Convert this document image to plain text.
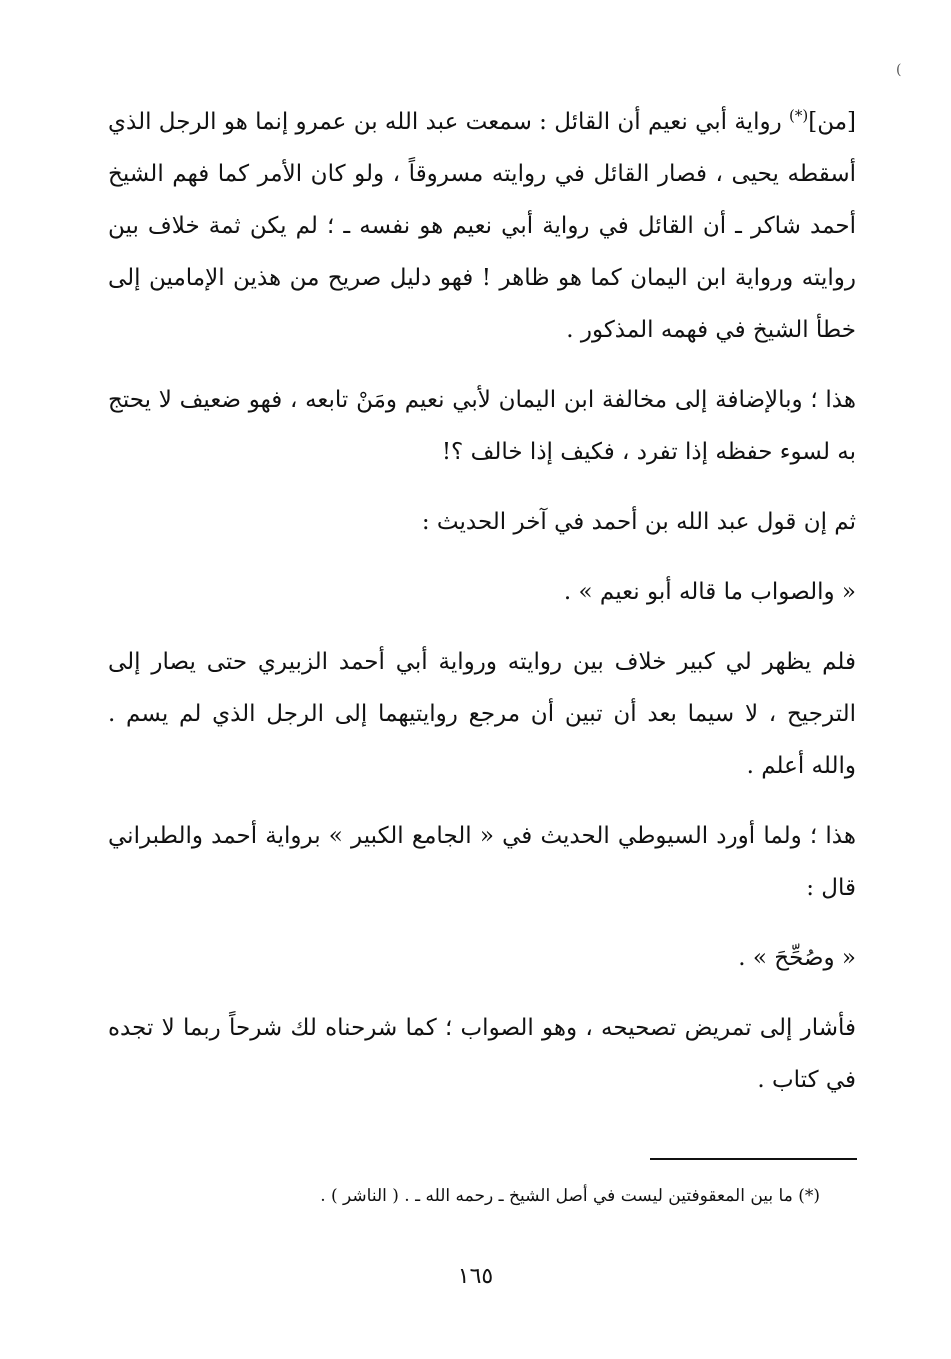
(

[من](*) رواية أبي نعيم أن القائل : سمعت عبد الله بن عمرو إنما هو الرجل الذي أسقطه يحيى ، فصار القائل في روايته مسروقاً ، ولو كان الأمر كما فهم الشيخ أحمد شاكر ـ أن القائل في رواية أبي نعيم هو نفسه ـ ؛ لم يكن ثمة خلاف بين روايته ورواية ابن اليمان كما هو ظاهر ! فهو دليل صريح من هذين الإمامين إلى خطأ الشيخ في فهمه المذكور .

هذا ؛ وبالإضافة إلى مخالفة ابن اليمان لأبي نعيم ومَنْ تابعه ، فهو ضعيف لا يحتج به لسوء حفظه إذا تفرد ، فكيف إذا خالف ؟!

ثم إن قول عبد الله بن أحمد في آخر الحديث :

« والصواب ما قاله أبو نعيم » .

فلم يظهر لي كبير خلاف بين روايته ورواية أبي أحمد الزبيري حتى يصار إلى الترجيح ، لا سيما بعد أن تبين أن مرجع روايتيهما إلى الرجل الذي لم يسم . والله أعلم .

هذا ؛ ولما أورد السيوطي الحديث في « الجامع الكبير » برواية أحمد والطبراني قال :

« وصُحِّحَ » .

فأشار إلى تمريض تصحيحه ، وهو الصواب ؛ كما شرحناه لك شرحاً ربما لا تجده في كتاب .

(*) ما بين المعقوفتين ليست في أصل الشيخ ـ رحمه الله ـ . ( الناشر ) .
١٦٥
